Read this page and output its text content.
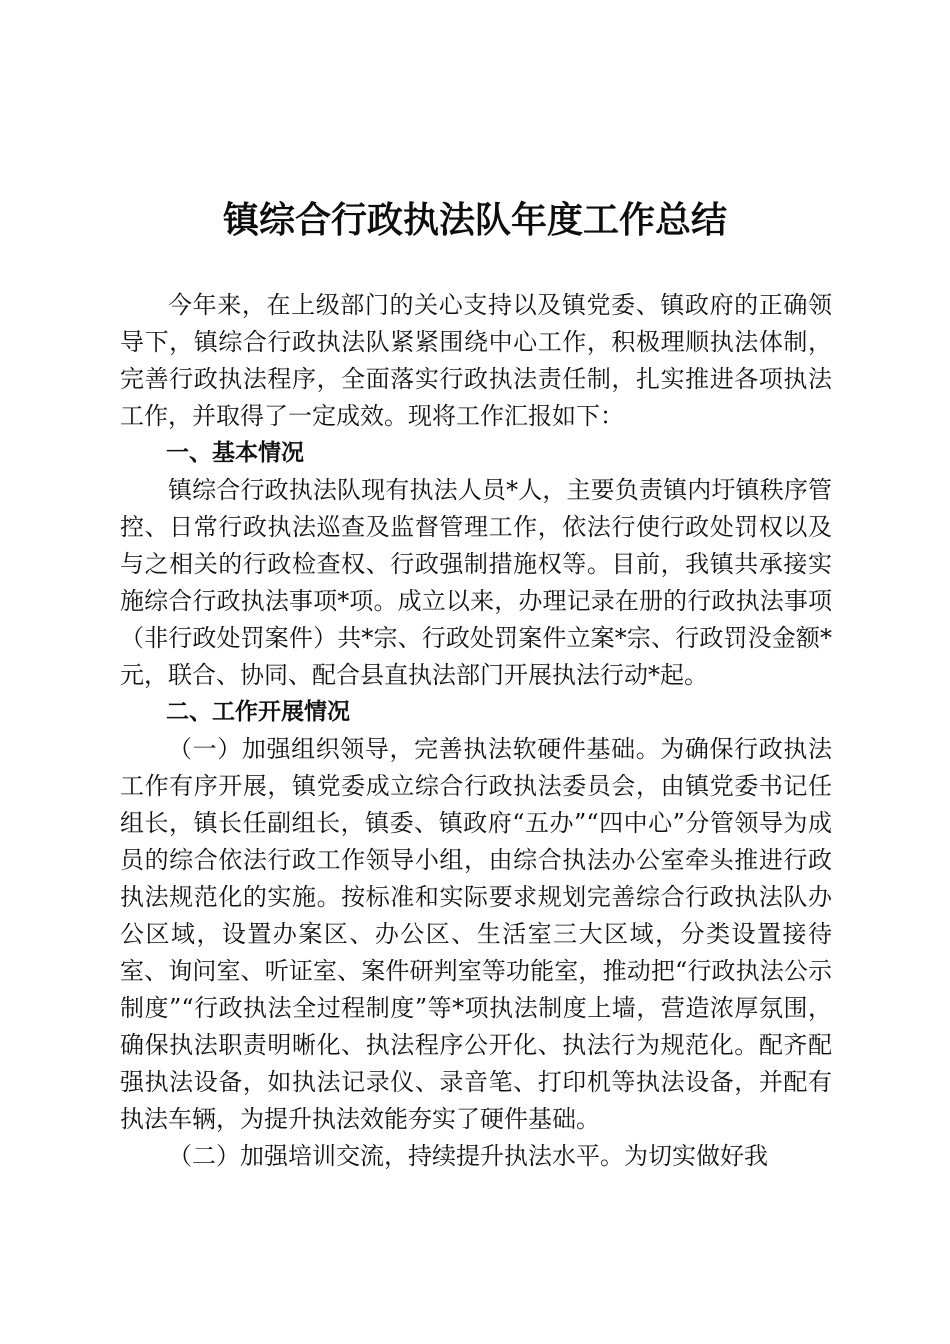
镇综合行政执法队年度工作总结

今年来，在上级部门的关心支持以及镇党委、镇政府的正确领导下，镇综合行政执法队紧紧围绕中心工作，积极理顺执法体制，完善行政执法程序，全面落实行政执法责任制，扎实推进各项执法工作，并取得了一定成效。现将工作汇报如下：

一、基本情况

镇综合行政执法队现有执法人员*人，主要负责镇内圩镇秩序管控、日常行政执法巡查及监督管理工作，依法行使行政处罚权以及与之相关的行政检查权、行政强制措施权等。目前，我镇共承接实施综合行政执法事项*项。成立以来，办理记录在册的行政执法事项（非行政处罚案件）共*宗、行政处罚案件立案*宗、行政罚没金额*元，联合、协同、配合县直执法部门开展执法行动*起。

二、工作开展情况

（一）加强组织领导，完善执法软硬件基础。为确保行政执法工作有序开展，镇党委成立综合行政执法委员会，由镇党委书记任组长，镇长任副组长，镇委、镇政府“五办”“四中心”分管领导为成员的综合依法行政工作领导小组，由综合执法办公室牵头推进行政执法规范化的实施。按标准和实际要求规划完善综合行政执法队办公区域，设置办案区、办公区、生活室三大区域，分类设置接待室、询问室、听证室、案件研判室等功能室，推动把“行政执法公示制度”“行政执法全过程制度”等*项执法制度上墙，营造浓厚氛围，确保执法职责明晰化、执法程序公开化、执法行为规范化。配齐配强执法设备，如执法记录仪、录音笔、打印机等执法设备，并配有执法车辆，为提升执法效能夯实了硬件基础。

（二）加强培训交流，持续提升执法水平。为切实做好我
